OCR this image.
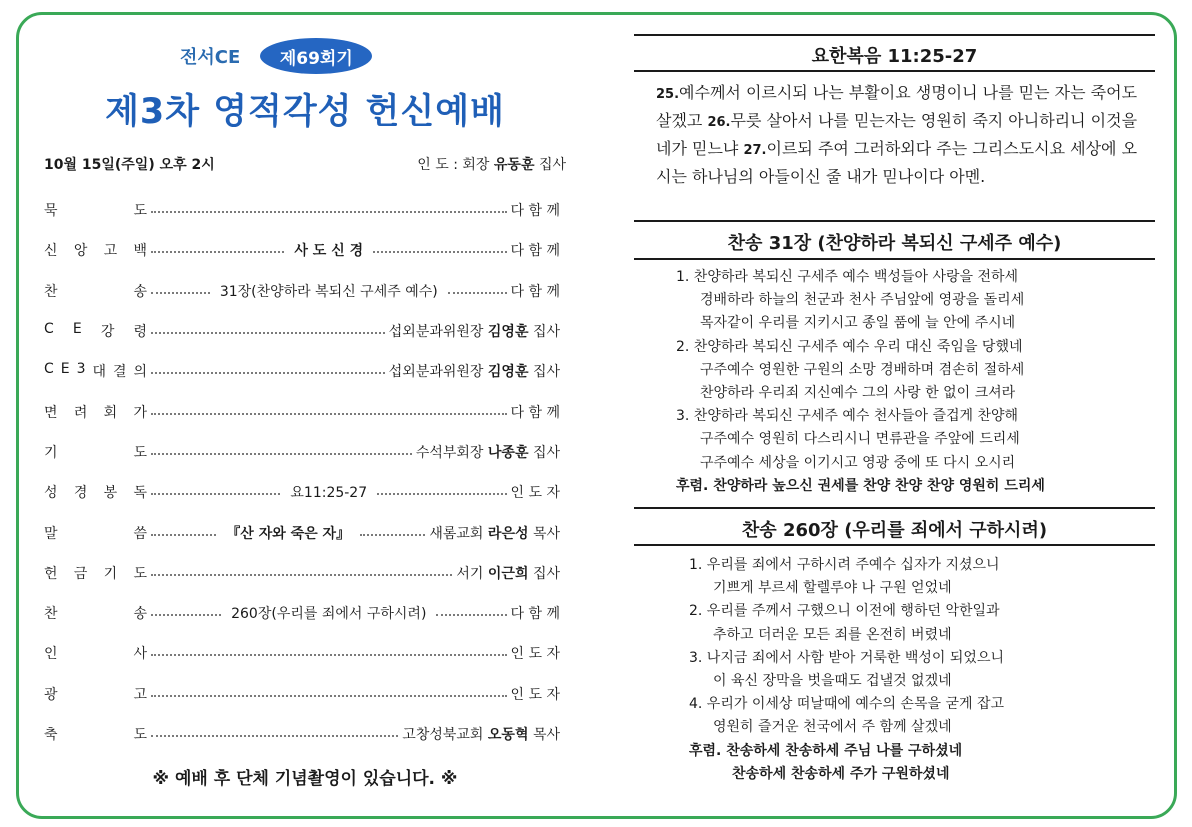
전서CE	제69회기
제3차 영적각성 헌신예배
10월 15일(주일) 오후 2시	인 도 : 회장 유동훈 집사
묵	도	다 함 께
신 앙 고 백	사 도 신 경	다 함 께
찬	송	31장(찬양하라 복되신 구세주 예수)	다 함 께
C E 강 령	섭외분과위원장 김영훈 집사
C E 3 대 결 의	섭외분과위원장 김영훈 집사
면 려 회 가	다 함 께
기	도	수석부회장 나종훈 집사
성 경 봉 독	요11:25-27	인 도 자
말	씀	『산 자와 죽은 자』	새롬교회 라은성 목사
헌 금 기 도	서기 이근희 집사
찬	송	260장(우리를 죄에서 구하시려)	다 함 께
인	사	인 도 자
광	고	인 도 자
축	도	고창성북교회 오동혁 목사
※ 예배 후 단체 기념촬영이 있습니다. ※
요한복음 11:25-27
25.예수께서 이르시되 나는 부활이요 생명이니 나를 믿는 자는 죽어도 살겠고 26.무릇 살아서 나를 믿는자는 영원히 죽지 아니하리니 이것을 네가 믿느냐 27.이르되 주여 그러하외다 주는 그리스도시요 세상에 오시는 하나님의 아들이신 줄 내가 믿나이다 아멘.
찬송 31장 (찬양하라 복되신 구세주 예수)
1. 찬양하라 복되신 구세주 예수 백성들아 사랑을 전하세
경배하라 하늘의 천군과 천사 주님앞에 영광을 돌리세
목자같이 우리를 지키시고 종일 품에 늘 안에 주시네
2. 찬양하라 복되신 구세주 예수 우리 대신 죽임을 당했네
구주예수 영원한 구원의 소망 경배하며 겸손히 절하세
찬양하라 우리죄 지신예수 그의 사랑 한 없이 크셔라
3. 찬양하라 복되신 구세주 예수 천사들아 즐겁게 찬양해
구주예수 영원히 다스리시니 면류관을 주앞에 드리세
구주예수 세상을 이기시고 영광 중에 또 다시 오시리
후렴. 찬양하라 높으신 권세를 찬양 찬양 찬양 영원히 드리세
찬송 260장 (우리를 죄에서 구하시려)
1. 우리를 죄에서 구하시려 주예수 십자가 지셨으니
기쁘게 부르세 할렐루야 나 구원 얻었네
2. 우리를 주께서 구했으니 이전에 행하던 악한일과
추하고 더러운 모든 죄를 온전히 버렸네
3. 나지금 죄에서 사함 받아 거룩한 백성이 되었으니
이 육신 장막을 벗을때도 겁낼것 없겠네
4. 우리가 이세상 떠날때에 예수의 손목을 굳게 잡고
영원히 즐거운 천국에서 주 함께 살겠네
후렴. 찬송하세 찬송하세 주님 나를 구하셨네
찬송하세 찬송하세 주가 구원하셨네
